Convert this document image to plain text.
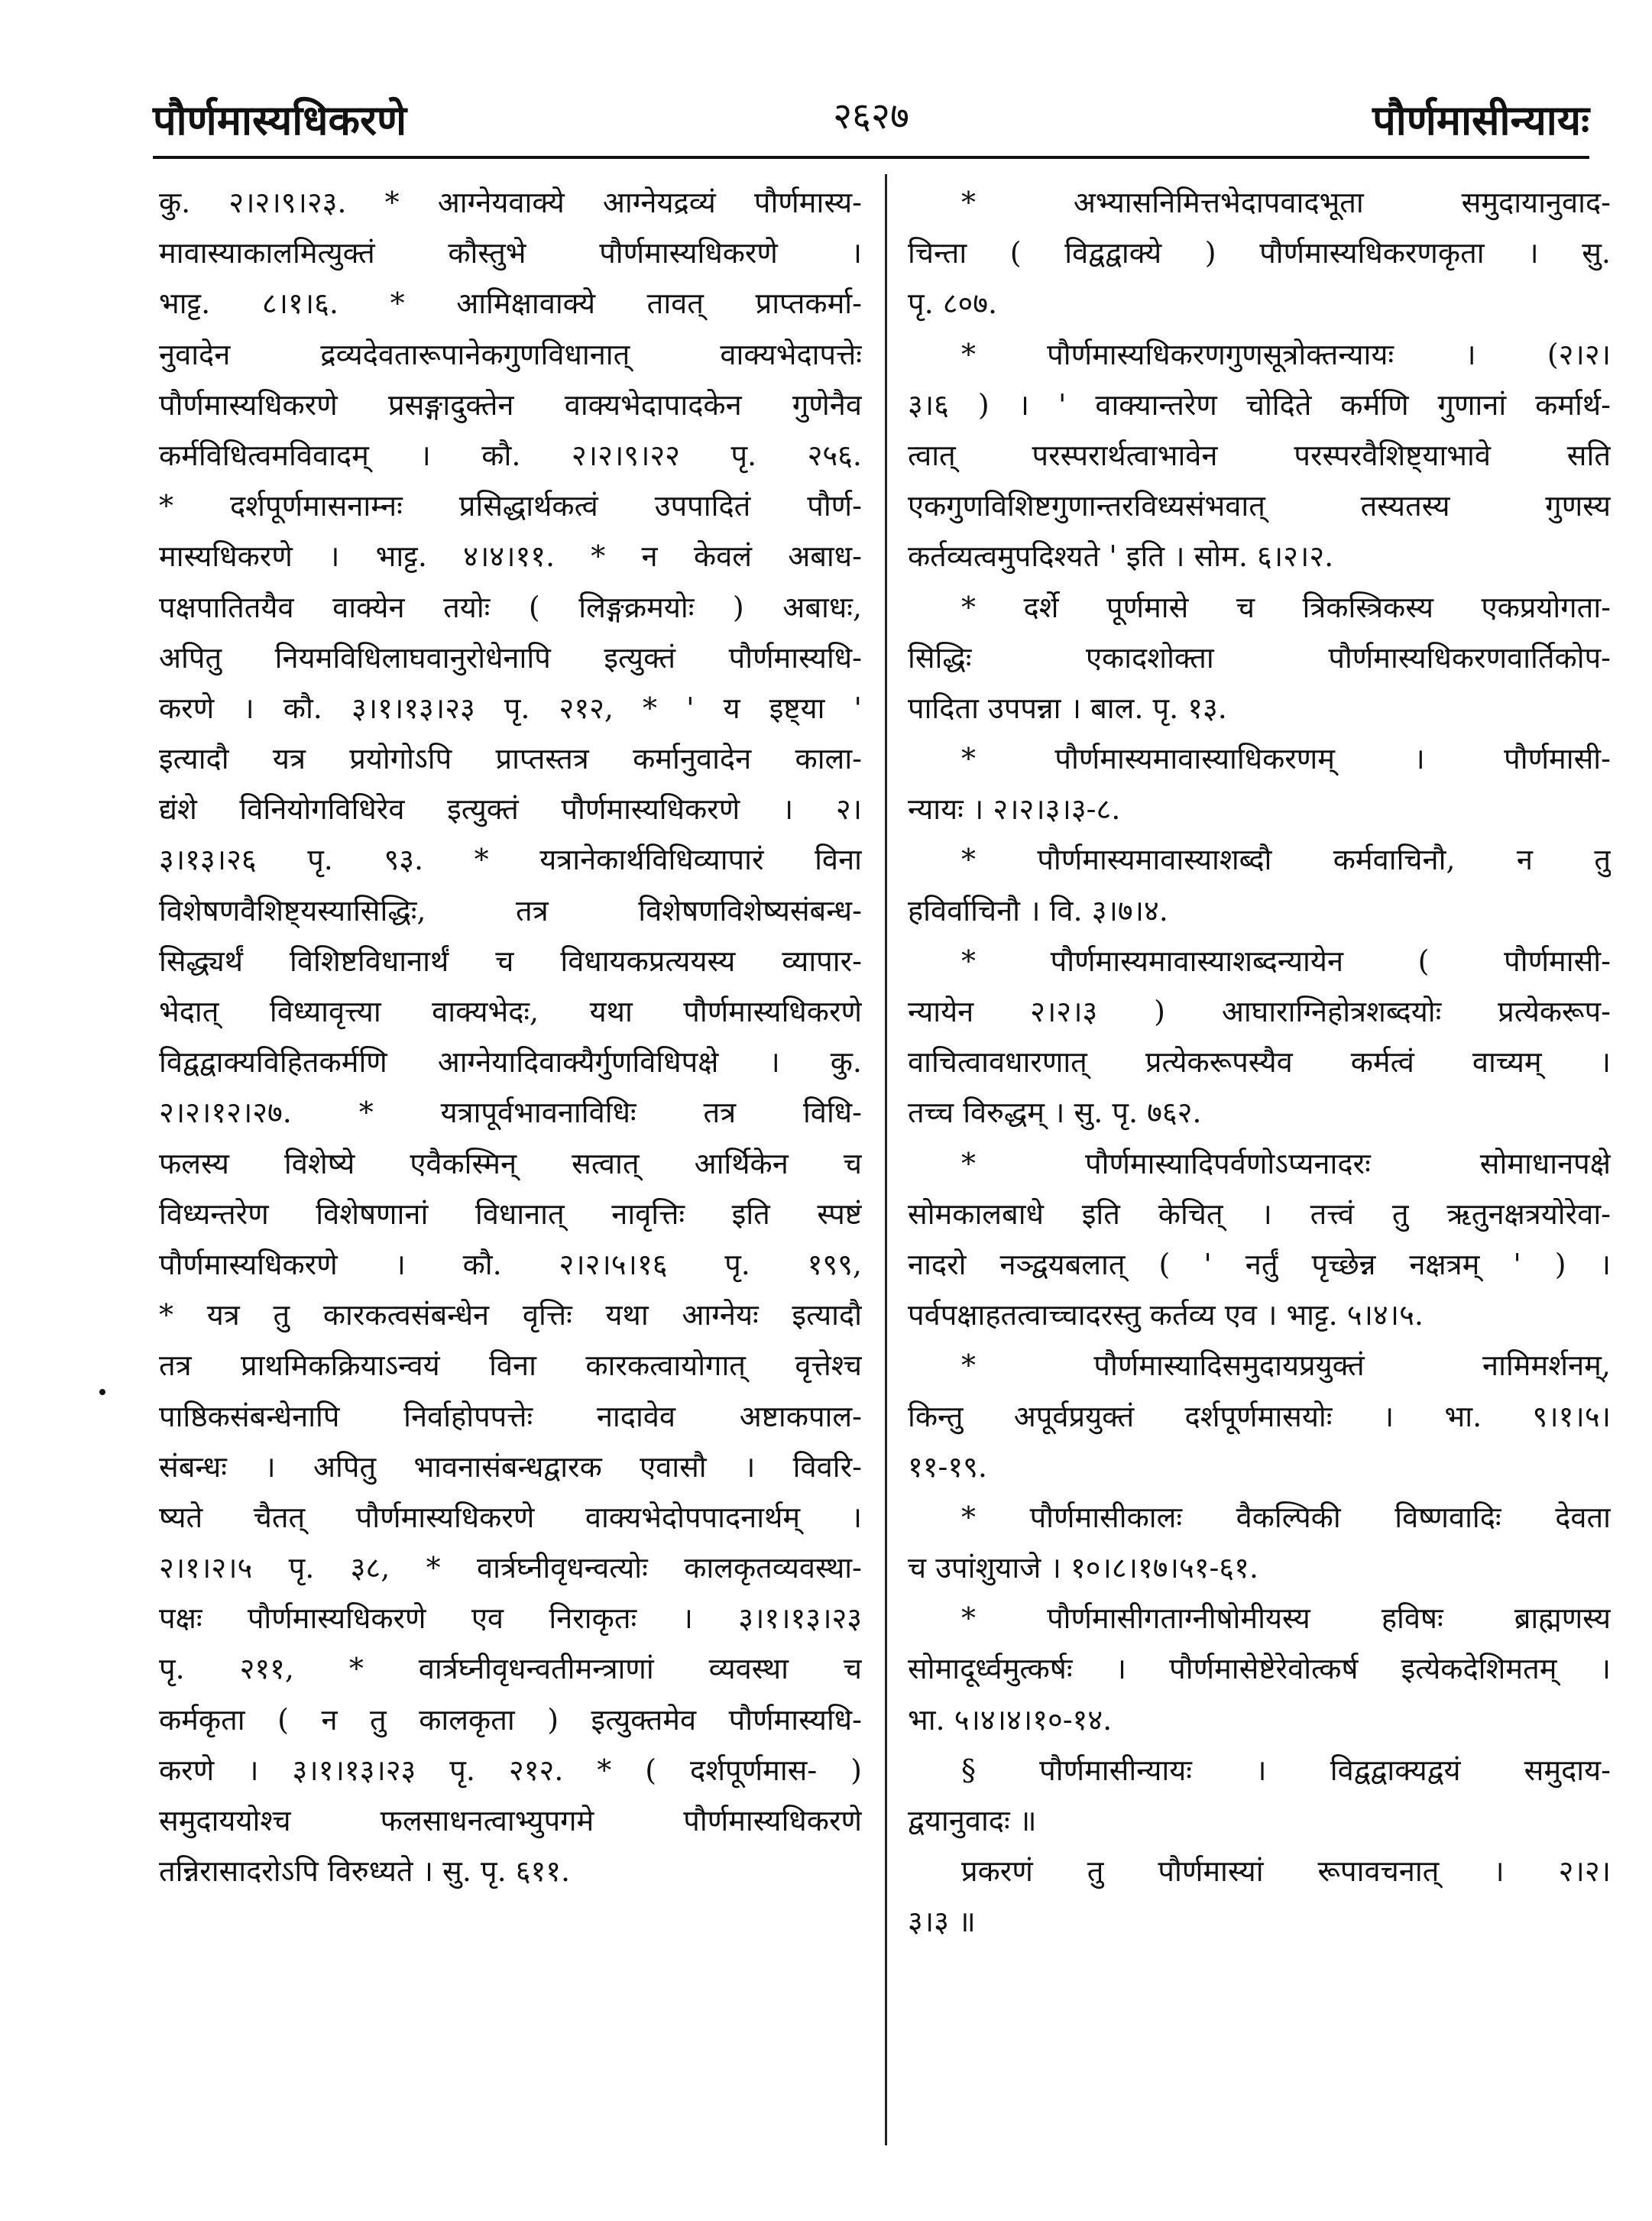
२६२७
पौर्णमास्यधिकरणे	पौर्णमासीन्यायः
कु. २।२।९।२३. * आग्नेयवाक्ये आग्नेयद्रव्यं पौर्णमास्य-
मावास्याकालमित्युक्तं कौस्तुभे पौर्णमास्यधिकरणे ।
भाट्ट. ८।१।६. * आमिक्षावाक्ये तावत् प्राप्तकर्मा-
नुवादेन द्रव्यदेवतारूपानेकगुणविधानात् वाक्यभेदापत्तेः
पौर्णमास्यधिकरणे प्रसङ्गादुक्तेन वाक्यभेदापादकेन गुणेनैव
कर्मविधित्वमविवादम् । कौ. २।२।९।२२ पृ. २५६.
* दर्शपूर्णमासनाम्नः प्रसिद्धार्थकत्वं उपपादितं पौर्ण-
मास्यधिकरणे । भाट्ट. ४।४।११. * न केवलं अबाध-
पक्षपातितयैव वाक्येन तयोः ( लिङ्गक्रमयोः ) अबाधः,
अपितु नियमविधिलाघवानुरोधेनापि इत्युक्तं पौर्णमास्यधि-
करणे । कौ. ३।१।१३।२३ पृ. २१२, * ' य इष्ट्या '
इत्यादौ यत्र प्रयोगोऽपि प्राप्तस्तत्र कर्मानुवादेन काला-
द्यंशे विनियोगविधिरेव इत्युक्तं पौर्णमास्यधिकरणे । २।
३।१३।२६ पृ. ९३. * यत्रानेकार्थविधिव्यापारं विना
विशेषणवैशिष्ट्यस्यासिद्धिः, तत्र विशेषणविशेष्यसंबन्ध-
सिद्ध्यर्थं विशिष्टविधानार्थं च विधायकप्रत्ययस्य व्यापार-
भेदात् विध्यावृत्त्या वाक्यभेदः, यथा पौर्णमास्यधिकरणे
विद्वद्वाक्यविहितकर्मणि आग्नेयादिवाक्यैर्गुणविधिपक्षे । कु.
२।२।१२।२७. * यत्रापूर्वभावनाविधिः तत्र विधि-
फलस्य विशेष्ये एवैकस्मिन् सत्वात् आर्थिकेन च
विध्यन्तरेण विशेषणानां विधानात् नावृत्तिः इति स्पष्टं
पौर्णमास्यधिकरणे । कौ. २।२।५।१६ पृ. १९९,
* यत्र तु कारकत्वसंबन्धेन वृत्तिः यथा आग्नेयः इत्यादौ
तत्र प्राथमिकक्रियाऽन्वयं विना कारकत्वायोगात् वृत्तेश्च
पाष्ठिकसंबन्धेनापि निर्वाहोपपत्तेः नादावेव अष्टाकपाल-
संबन्धः । अपितु भावनासंबन्धद्वारक एवासौ । विवरि-
ष्यते चैतत् पौर्णमास्यधिकरणे वाक्यभेदोपपादनार्थम् ।
२।१।२।५ पृ. ३८, * वार्त्रघ्नीवृधन्वत्योः कालकृतव्यवस्था-
पक्षः पौर्णमास्यधिकरणे एव निराकृतः । ३।१।१३।२३
पृ. २११, * वार्त्रघ्नीवृधन्वतीमन्त्राणां व्यवस्था च
कर्मकृता ( न तु कालकृता ) इत्युक्तमेव पौर्णमास्यधि-
करणे । ३।१।१३।२३ पृ. २१२. * ( दर्शपूर्णमास- )
समुदाययोश्च फलसाधनत्वाभ्युपगमे पौर्णमास्यधिकरणे
तन्निरासादरोऽपि विरुध्यते । सु. पृ. ६११.
* अभ्यासनिमित्तभेदापवादभूता समुदायानुवाद-
चिन्ता ( विद्वद्वाक्ये ) पौर्णमास्यधिकरणकृता । सु.
पृ. ८०७.
* पौर्णमास्यधिकरणगुणसूत्रोक्तन्यायः । (२।२।
३।६ ) । ' वाक्यान्तरेण चोदिते कर्मणि गुणानां कर्मार्थ-
त्वात् परस्परार्थत्वाभावेन परस्परवैशिष्ट्याभावे सति
एकगुणविशिष्टगुणान्तरविध्यसंभवात् तस्यतस्य गुणस्य
कर्तव्यत्वमुपदिश्यते ' इति । सोम. ६।२।२.
* दर्शे पूर्णमासे च त्रिकस्त्रिकस्य एकप्रयोगता-
सिद्धिः एकादशोक्ता पौर्णमास्यधिकरणवार्तिकोप-
पादिता उपपन्ना । बाल. पृ. १३.
* पौर्णमास्यमावास्याधिकरणम् । पौर्णमासी-
न्यायः । २।२।३।३-८.
* पौर्णमास्यमावास्याशब्दौ कर्मवाचिनौ, न तु
हविर्वाचिनौ । वि. ३।७।४.
* पौर्णमास्यमावास्याशब्दन्यायेन ( पौर्णमासी-
न्यायेन २।२।३ ) आघाराग्निहोत्रशब्दयोः प्रत्येकरूप-
वाचित्वावधारणात् प्रत्येकरूपस्यैव कर्मत्वं वाच्यम् ।
तच्च विरुद्धम् । सु. पृ. ७६२.
* पौर्णमास्यादिपर्वणोऽप्यनादरः सोमाधानपक्षे
सोमकालबाधे इति केचित् । तत्त्वं तु ऋतुनक्षत्रयोरेवा-
नादरो नञ्द्वयबलात् ( ' नर्तुं पृच्छेन्न नक्षत्रम् ' ) ।
पर्वपक्षाहतत्वाच्चादरस्तु कर्तव्य एव । भाट्ट. ५।४।५.
* पौर्णमास्यादिसमुदायप्रयुक्तं नामिमर्शनम्,
किन्तु अपूर्वप्रयुक्तं दर्शपूर्णमासयोः । भा. ९।१।५।
११-१९.
* पौर्णमासीकालः वैकल्पिकी विष्णवादिः देवता
च उपांशुयाजे । १०।८।१७।५१-६१.
* पौर्णमासीगताग्नीषोमीयस्य हविषः ब्राह्मणस्य
सोमादूर्ध्वमुत्कर्षः । पौर्णमासेष्टेरेवोत्कर्ष इत्येकदेशिमतम् ।
भा. ५।४।४।१०-१४.
§ पौर्णमासीन्यायः । विद्वद्वाक्यद्वयं समुदाय-
द्वयानुवादः ॥
प्रकरणं तु पौर्णमास्यां रूपावचनात् । २।२।
३।३ ॥
